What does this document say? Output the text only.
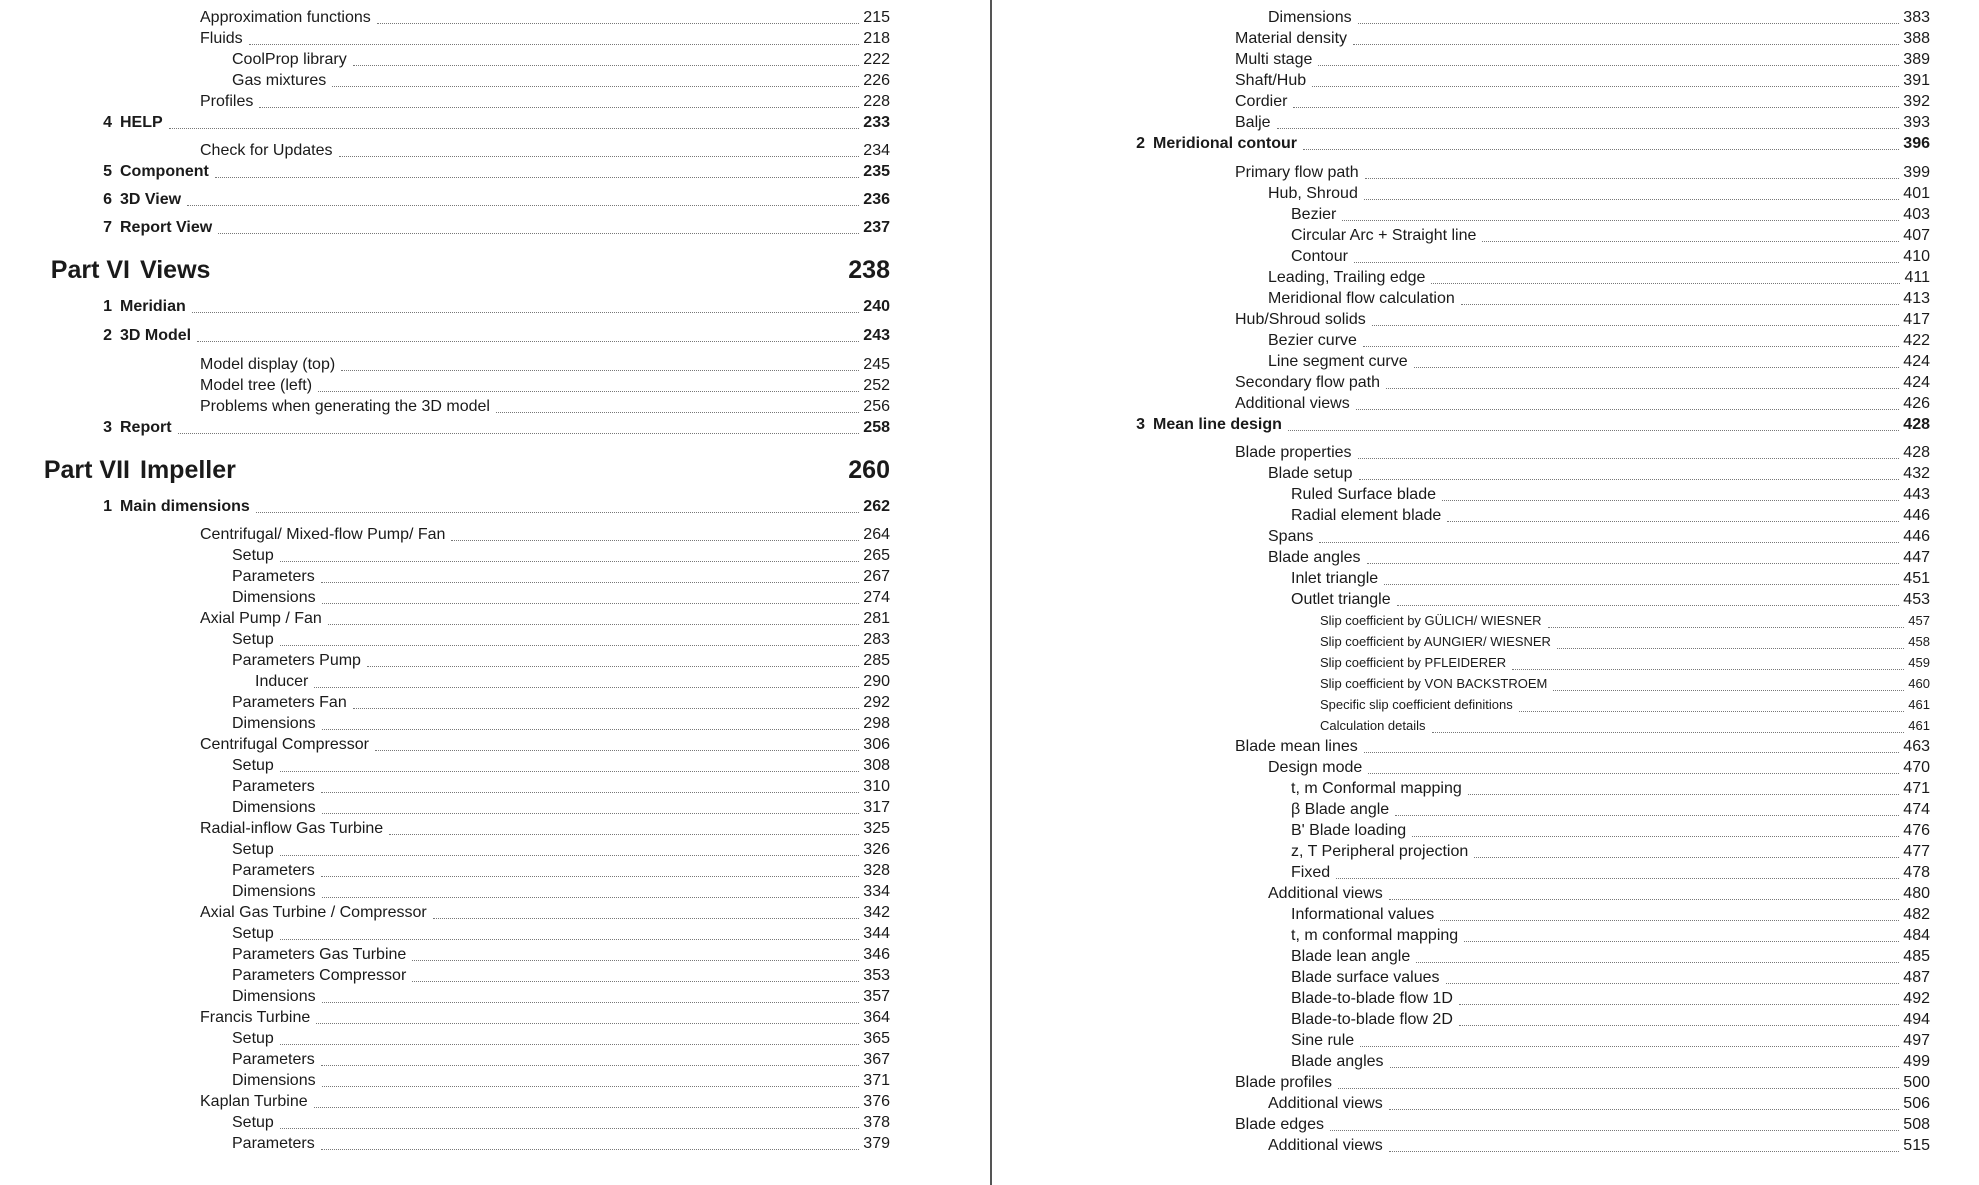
Approximation functions	215
Fluids	218
CoolProp library	222
Gas mixtures	226
Profiles	228
4 HELP	233
Check for Updates	234
5 Component	235
6 3D View	236
7 Report View	237
Part VI Views	238
1 Meridian	240
2 3D Model	243
Model display (top)	245
Model tree (left)	252
Problems when generating the 3D model	256
3 Report	258
Part VII Impeller	260
1 Main dimensions	262
Centrifugal/ Mixed-flow Pump/ Fan	264
Setup	265
Parameters	267
Dimensions	274
Axial Pump / Fan	281
Setup	283
Parameters Pump	285
Inducer	290
Parameters Fan	292
Dimensions	298
Centrifugal Compressor	306
Setup	308
Parameters	310
Dimensions	317
Radial-inflow Gas Turbine	325
Setup	326
Parameters	328
Dimensions	334
Axial Gas Turbine / Compressor	342
Setup	344
Parameters Gas Turbine	346
Parameters Compressor	353
Dimensions	357
Francis Turbine	364
Setup	365
Parameters	367
Dimensions	371
Kaplan Turbine	376
Setup	378
Parameters	379
Dimensions	383
Material density	388
Multi stage	389
Shaft/Hub	391
Cordier	392
Balje	393
2 Meridional contour	396
Primary flow path	399
Hub, Shroud	401
Bezier	403
Circular Arc + Straight line	407
Contour	410
Leading, Trailing edge	411
Meridional flow calculation	413
Hub/Shroud solids	417
Bezier curve	422
Line segment curve	424
Secondary flow path	424
Additional views	426
3 Mean line design	428
Blade properties	428
Blade setup	432
Ruled Surface blade	443
Radial element blade	446
Spans	446
Blade angles	447
Inlet triangle	451
Outlet triangle	453
Slip coefficient by GÜLICH/ WIESNER	457
Slip coefficient by AUNGIER/ WIESNER	458
Slip coefficient by PFLEIDERER	459
Slip coefficient by VON BACKSTROEM	460
Specific slip coefficient definitions	461
Calculation details	461
Blade mean lines	463
Design mode	470
t, m Conformal mapping	471
β Blade angle	474
B' Blade loading	476
z, T Peripheral projection	477
Fixed	478
Additional views	480
Informational values	482
t, m conformal mapping	484
Blade lean angle	485
Blade surface values	487
Blade-to-blade flow 1D	492
Blade-to-blade flow 2D	494
Sine rule	497
Blade angles	499
Blade profiles	500
Additional views	506
Blade edges	508
Additional views	515
